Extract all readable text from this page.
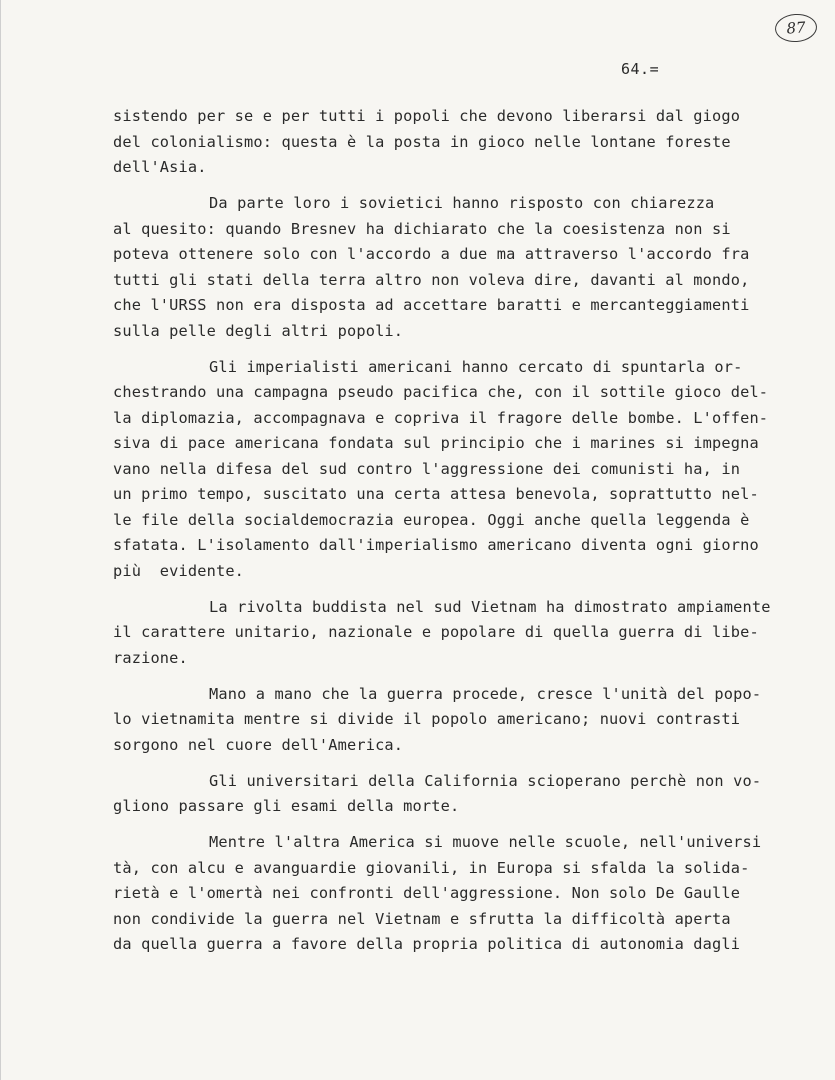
87
64.=
sistendo per se e per tutti i popoli che devono liberarsi dal giogo
del colonialismo: questa è la posta in gioco nelle lontane foreste
dell'Asia.
Da parte loro i sovietici hanno risposto con chiarezza
al quesito: quando Bresnev ha dichiarato che la coesistenza non si
poteva ottenere solo con l'accordo a due ma attraverso l'accordo fra
tutti gli stati della terra altro non voleva dire, davanti al mondo,
che l'URSS non era disposta ad accettare baratti e mercanteggiamenti
sulla pelle degli altri popoli.
Gli imperialisti americani hanno cercato di spuntarla or-
chestrando una campagna pseudo pacifica che, con il sottile gioco del-
la diplomazia, accompagnava e copriva il fragore delle bombe. L'offen-
siva di pace americana fondata sul principio che i marines si impegna
vano nella difesa del sud contro l'aggressione dei comunisti ha, in
un primo tempo, suscitato una certa attesa benevola, soprattutto nel-
le file della socialdemocrazia europea. Oggi anche quella leggenda è
sfatata. L'isolamento dall'imperialismo americano diventa ogni giorno
più  evidente.
La rivolta buddista nel sud Vietnam ha dimostrato ampiamente
il carattere unitario, nazionale e popolare di quella guerra di libe-
razione.
Mano a mano che la guerra procede, cresce l'unità del popo-
lo vietnamita mentre si divide il popolo americano; nuovi contrasti
sorgono nel cuore dell'America.
Gli universitari della California scioperano perchè non vo-
gliono passare gli esami della morte.
Mentre l'altra America si muove nelle scuole, nell'universi
tà, con alcu e avanguardie giovanili, in Europa si sfalda la solida-
rietà e l'omertà nei confronti dell'aggressione. Non solo De Gaulle
non condivide la guerra nel Vietnam e sfrutta la difficoltà aperta
da quella guerra a favore della propria politica di autonomia dagli
